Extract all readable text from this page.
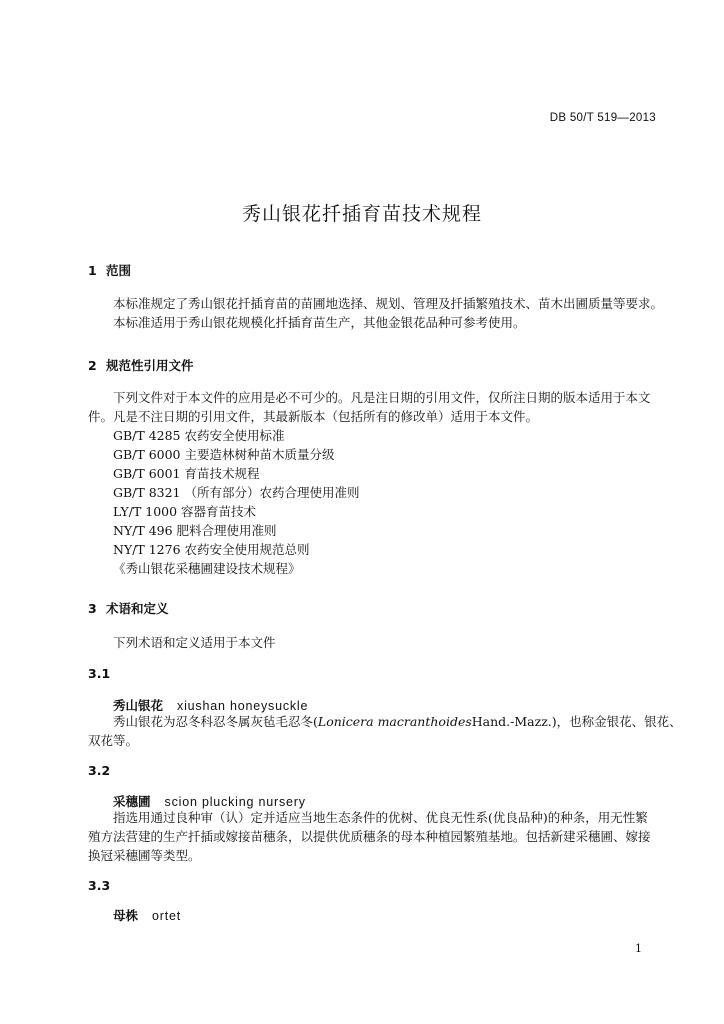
DB 50/T 519—2013
秀山银花扦插育苗技术规程
1 范围
本标准规定了秀山银花扦插育苗的苗圃地选择、规划、管理及扦插繁殖技术、苗木出圃质量等要求。
本标准适用于秀山银花规模化扦插育苗生产，其他金银花品种可参考使用。
2 规范性引用文件
下列文件对于本文件的应用是必不可少的。凡是注日期的引用文件，仅所注日期的版本适用于本文
件。凡是不注日期的引用文件，其最新版本（包括所有的修改单）适用于本文件。
GB/T 4285 农药安全使用标准
GB/T 6000 主要造林树种苗木质量分级
GB/T 6001 育苗技术规程
GB/T 8321 （所有部分）农药合理使用准则
LY/T 1000 容器育苗技术
NY/T 496 肥料合理使用准则
NY/T 1276 农药安全使用规范总则
《秀山银花采穗圃建设技术规程》
3 术语和定义
下列术语和定义适用于本文件
3.1
秀山银花 xiushan honeysuckle
秀山银花为忍冬科忍冬属灰毡毛忍冬(Lonicera macranthoidesHand.-Mazz.)，也称金银花、银花、
双花等。
3.2
采穗圃 scion plucking nursery
指选用通过良种审（认）定并适应当地生态条件的优树、优良无性系(优良品种)的种条，用无性繁
殖方法营建的生产扦插或嫁接苗穗条，以提供优质穗条的母本种植园繁殖基地。包括新建采穗圃、嫁接
换冠采穗圃等类型。
3.3
母株 ortet
1
